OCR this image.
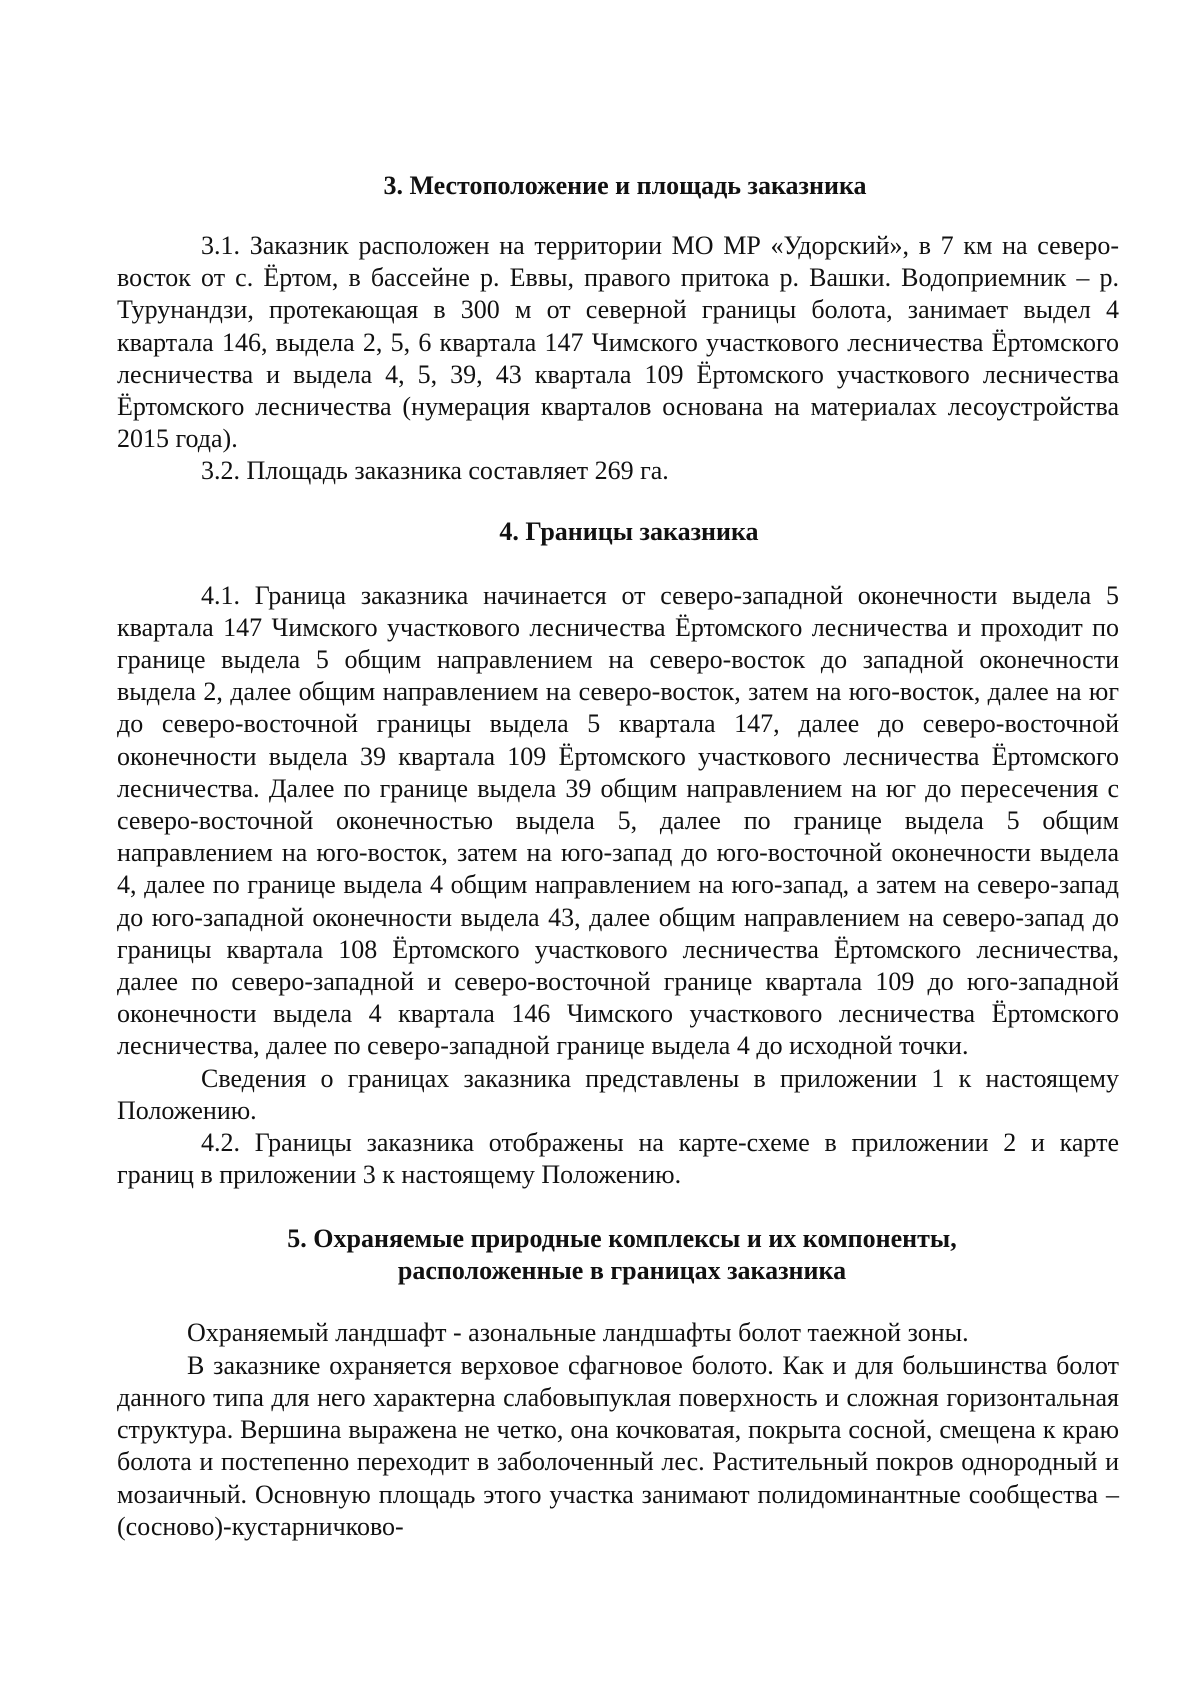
3. Местоположение и площадь заказника

3.1. Заказник расположен на территории МО МР «Удорский», в 7 км на северо-восток от с. Ёртом, в бассейне р. Еввы, правого притока р. Вашки. Водоприемник – р. Турунандзи, протекающая в 300 м от северной границы болота, занимает выдел 4 квартала 146, выдела 2, 5, 6 квартала 147 Чимского участкового лесничества Ёртомского лесничества и выдела 4, 5, 39, 43 квартала 109 Ёртомского участкового лесничества Ёртомского лесничества (нумерация кварталов основана на материалах лесоустройства 2015 года).

3.2. Площадь заказника составляет 269 га.

4. Границы заказника

4.1. Граница заказника начинается от северо-западной оконечности выдела 5 квартала 147 Чимского участкового лесничества Ёртомского лесничества и проходит по границе выдела 5 общим направлением на северо-восток до западной оконечности выдела 2, далее общим направлением на северо-восток, затем на юго-восток, далее на юг до северо-восточной границы выдела 5 квартала 147, далее до северо-восточной оконечности выдела 39 квартала 109 Ёртомского участкового лесничества Ёртомского лесничества. Далее по границе выдела 39 общим направлением на юг до пересечения с северо-восточной оконечностью выдела 5, далее по границе выдела 5 общим направлением на юго-восток, затем на юго-запад до юго-восточной оконечности выдела 4, далее по границе выдела 4 общим направлением на юго-запад, а затем на северо-запад до юго-западной оконечности выдела 43, далее общим направлением на северо-запад до границы квартала 108 Ёртомского участкового лесничества Ёртомского лесничества, далее по северо-западной и северо-восточной границе квартала 109 до юго-западной оконечности выдела 4 квартала 146 Чимского участкового лесничества Ёртомского лесничества, далее по северо-западной границе выдела 4 до исходной точки.

Сведения о границах заказника представлены в приложении 1 к настоящему Положению.

4.2. Границы заказника отображены на карте-схеме в приложении 2 и карте границ в приложении 3 к настоящему Положению.

5. Охраняемые природные комплексы и их компоненты,
расположенные в границах заказника

Охраняемый ландшафт - азональные ландшафты болот таежной зоны.

В заказнике охраняется верховое сфагновое болото. Как и для большинства болот данного типа для него характерна слабовыпуклая поверхность и сложная горизонтальная структура. Вершина выражена не четко, она кочковатая, покрыта сосной, смещена к краю болота и постепенно переходит в заболоченный лес. Растительный покров однородный и мозаичный. Основную площадь этого участка занимают полидоминантные сообщества – (сосново)-кустарничково-
